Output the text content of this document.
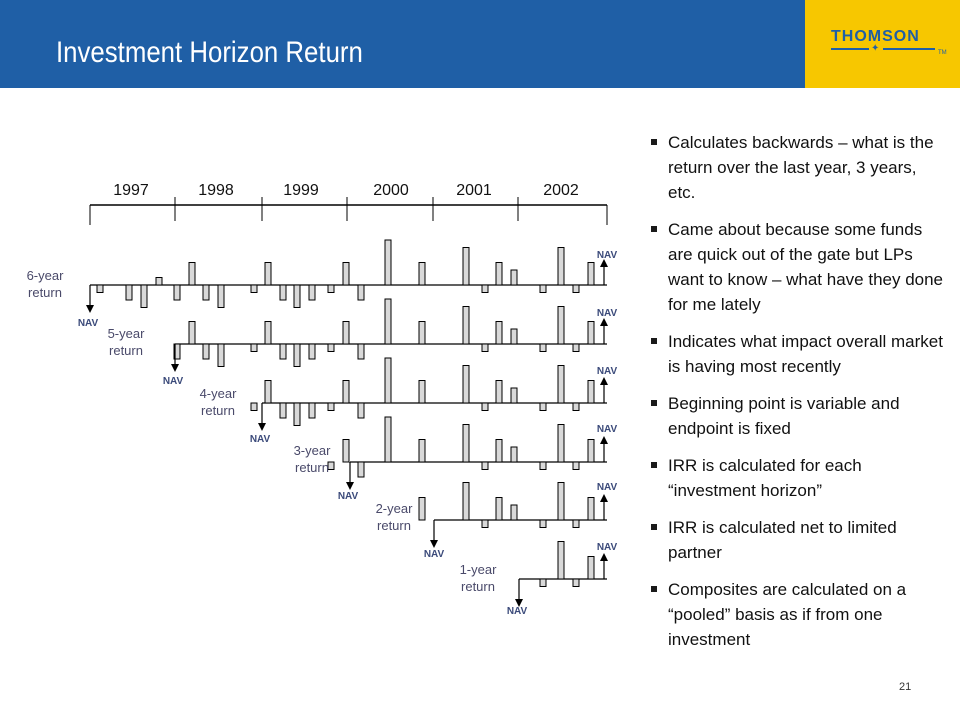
Investment Horizon Return	THOMSON
✦	TM
1997	1998	1999	2000	2001	2002
6-year
return
NAV
NAV
5-year
return
NAV
NAV
4-year
return
NAV
NAV
3-year
return
NAV
NAV
2-year
return
NAV
NAV
1-year
return
NAV
NAV
Calculates backwards – what is the return over the last year, 3 years, etc.
Came about because some funds are quick out of the gate but LPs want to know – what have they done for me lately
Indicates what impact overall market is having most recently
Beginning point is variable and endpoint is fixed
IRR is calculated for each “investment horizon”
IRR is calculated net to limited partner
Composites are calculated on a “pooled” basis as if from one investment
21
